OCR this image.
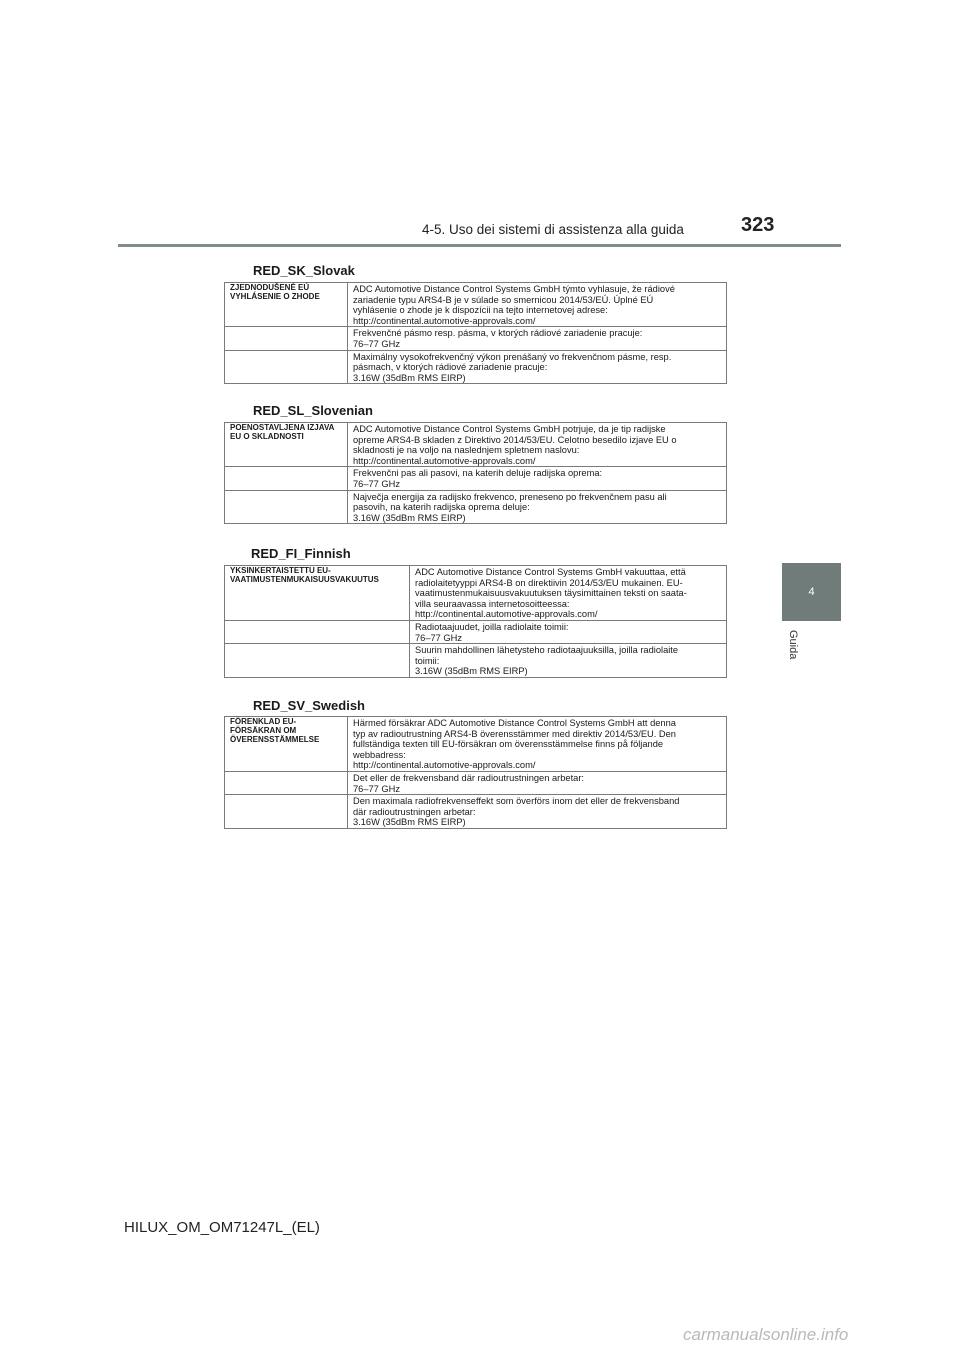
4-5. Uso dei sistemi di assistenza alla guida	323
4
Guida
RED_SK_Slovak
ZJEDNODUŠENÉ EÚ VYHLÁSENIE O ZHODE	ADC Automotive Distance Control Systems GmbH týmto vyhlasuje, že rádiové
zariadenie typu ARS4-B je v súlade so smernicou 2014/53/EÚ. Úplné EÚ
vyhlásenie o zhode je k dispozícii na tejto internetovej adrese:
http://continental.automotive-approvals.com/

	Frekvenčné pásmo resp. pásma, v ktorých rádiové zariadenie pracuje:
76–77 GHz

	Maximálny vysokofrekvenčný výkon prenášaný vo frekvenčnom pásme, resp.
pásmach, v ktorých rádiové zariadenie pracuje:
3.16W (35dBm RMS EIRP)
RED_SL_Slovenian
POENOSTAVLJENA IZJAVA EU O SKLADNOSTI	ADC Automotive Distance Control Systems GmbH potrjuje, da je tip radijske
opreme ARS4-B skladen z Direktivo 2014/53/EU. Celotno besedilo izjave EU o
skladnosti je na voljo na naslednjem spletnem naslovu:
http://continental.automotive-approvals.com/

	Frekvenčni pas ali pasovi, na katerih deluje radijska oprema:
76–77 GHz

	Največja energija za radijsko frekvenco, preneseno po frekvenčnem pasu ali
pasovih, na katerih radijska oprema deluje:
3.16W (35dBm RMS EIRP)
RED_FI_Finnish
YKSINKERTAISTETTU EU-VAATIMUSTENMUKAISUUSVAKUUTUS	ADC Automotive Distance Control Systems GmbH vakuuttaa, että
radiolaitetyyppi ARS4-B on direktiivin 2014/53/EU mukainen. EU-
vaatimustenmukaisuusvakuutuksen täysimittainen teksti on saata-
villa seuraavassa internetosoitteessa:
http://continental.automotive-approvals.com/

	Radiotaajuudet, joilla radiolaite toimii:
76–77 GHz

	Suurin mahdollinen lähetysteho radiotaajuuksilla, joilla radiolaite
toimii:
3.16W (35dBm RMS EIRP)
RED_SV_Swedish
FÖRENKLAD EU-FÖRSÄKRAN OM ÖVERENSSTÄMMELSE	Härmed försäkrar ADC Automotive Distance Control Systems GmbH att denna
typ av radioutrustning ARS4-B överensstämmer med direktiv 2014/53/EU. Den
fullständiga texten till EU-försäkran om överensstämmelse finns på följande
webbadress:
http://continental.automotive-approvals.com/

	Det eller de frekvensband där radioutrustningen arbetar:
76–77 GHz

	Den maximala radiofrekvenseffekt som överförs inom det eller de frekvensband
där radioutrustningen arbetar:
3.16W (35dBm RMS EIRP)
HILUX_OM_OM71247L_(EL)
carmanualsonline.info
